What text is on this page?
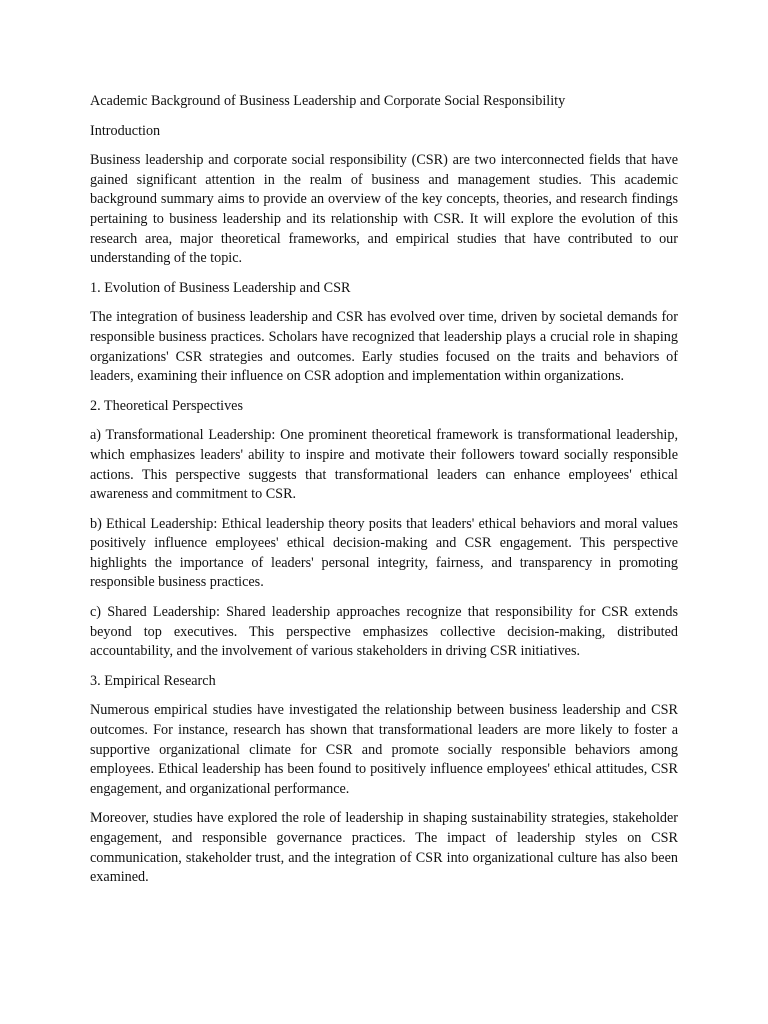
Academic Background of Business Leadership and Corporate Social Responsibility

Introduction

Business leadership and corporate social responsibility (CSR) are two interconnected fields that have gained significant attention in the realm of business and management studies. This academic background summary aims to provide an overview of the key concepts, theories, and research findings pertaining to business leadership and its relationship with CSR. It will explore the evolution of this research area, major theoretical frameworks, and empirical studies that have contributed to our understanding of the topic.

1. Evolution of Business Leadership and CSR

The integration of business leadership and CSR has evolved over time, driven by societal demands for responsible business practices. Scholars have recognized that leadership plays a crucial role in shaping organizations' CSR strategies and outcomes. Early studies focused on the traits and behaviors of leaders, examining their influence on CSR adoption and implementation within organizations.

2. Theoretical Perspectives

a) Transformational Leadership: One prominent theoretical framework is transformational leadership, which emphasizes leaders' ability to inspire and motivate their followers toward socially responsible actions. This perspective suggests that transformational leaders can enhance employees' ethical awareness and commitment to CSR.

b) Ethical Leadership: Ethical leadership theory posits that leaders' ethical behaviors and moral values positively influence employees' ethical decision-making and CSR engagement. This perspective highlights the importance of leaders' personal integrity, fairness, and transparency in promoting responsible business practices.

c) Shared Leadership: Shared leadership approaches recognize that responsibility for CSR extends beyond top executives. This perspective emphasizes collective decision-making, distributed accountability, and the involvement of various stakeholders in driving CSR initiatives.

3. Empirical Research

Numerous empirical studies have investigated the relationship between business leadership and CSR outcomes. For instance, research has shown that transformational leaders are more likely to foster a supportive organizational climate for CSR and promote socially responsible behaviors among employees. Ethical leadership has been found to positively influence employees' ethical attitudes, CSR engagement, and organizational performance.

Moreover, studies have explored the role of leadership in shaping sustainability strategies, stakeholder engagement, and responsible governance practices. The impact of leadership styles on CSR communication, stakeholder trust, and the integration of CSR into organizational culture has also been examined.
